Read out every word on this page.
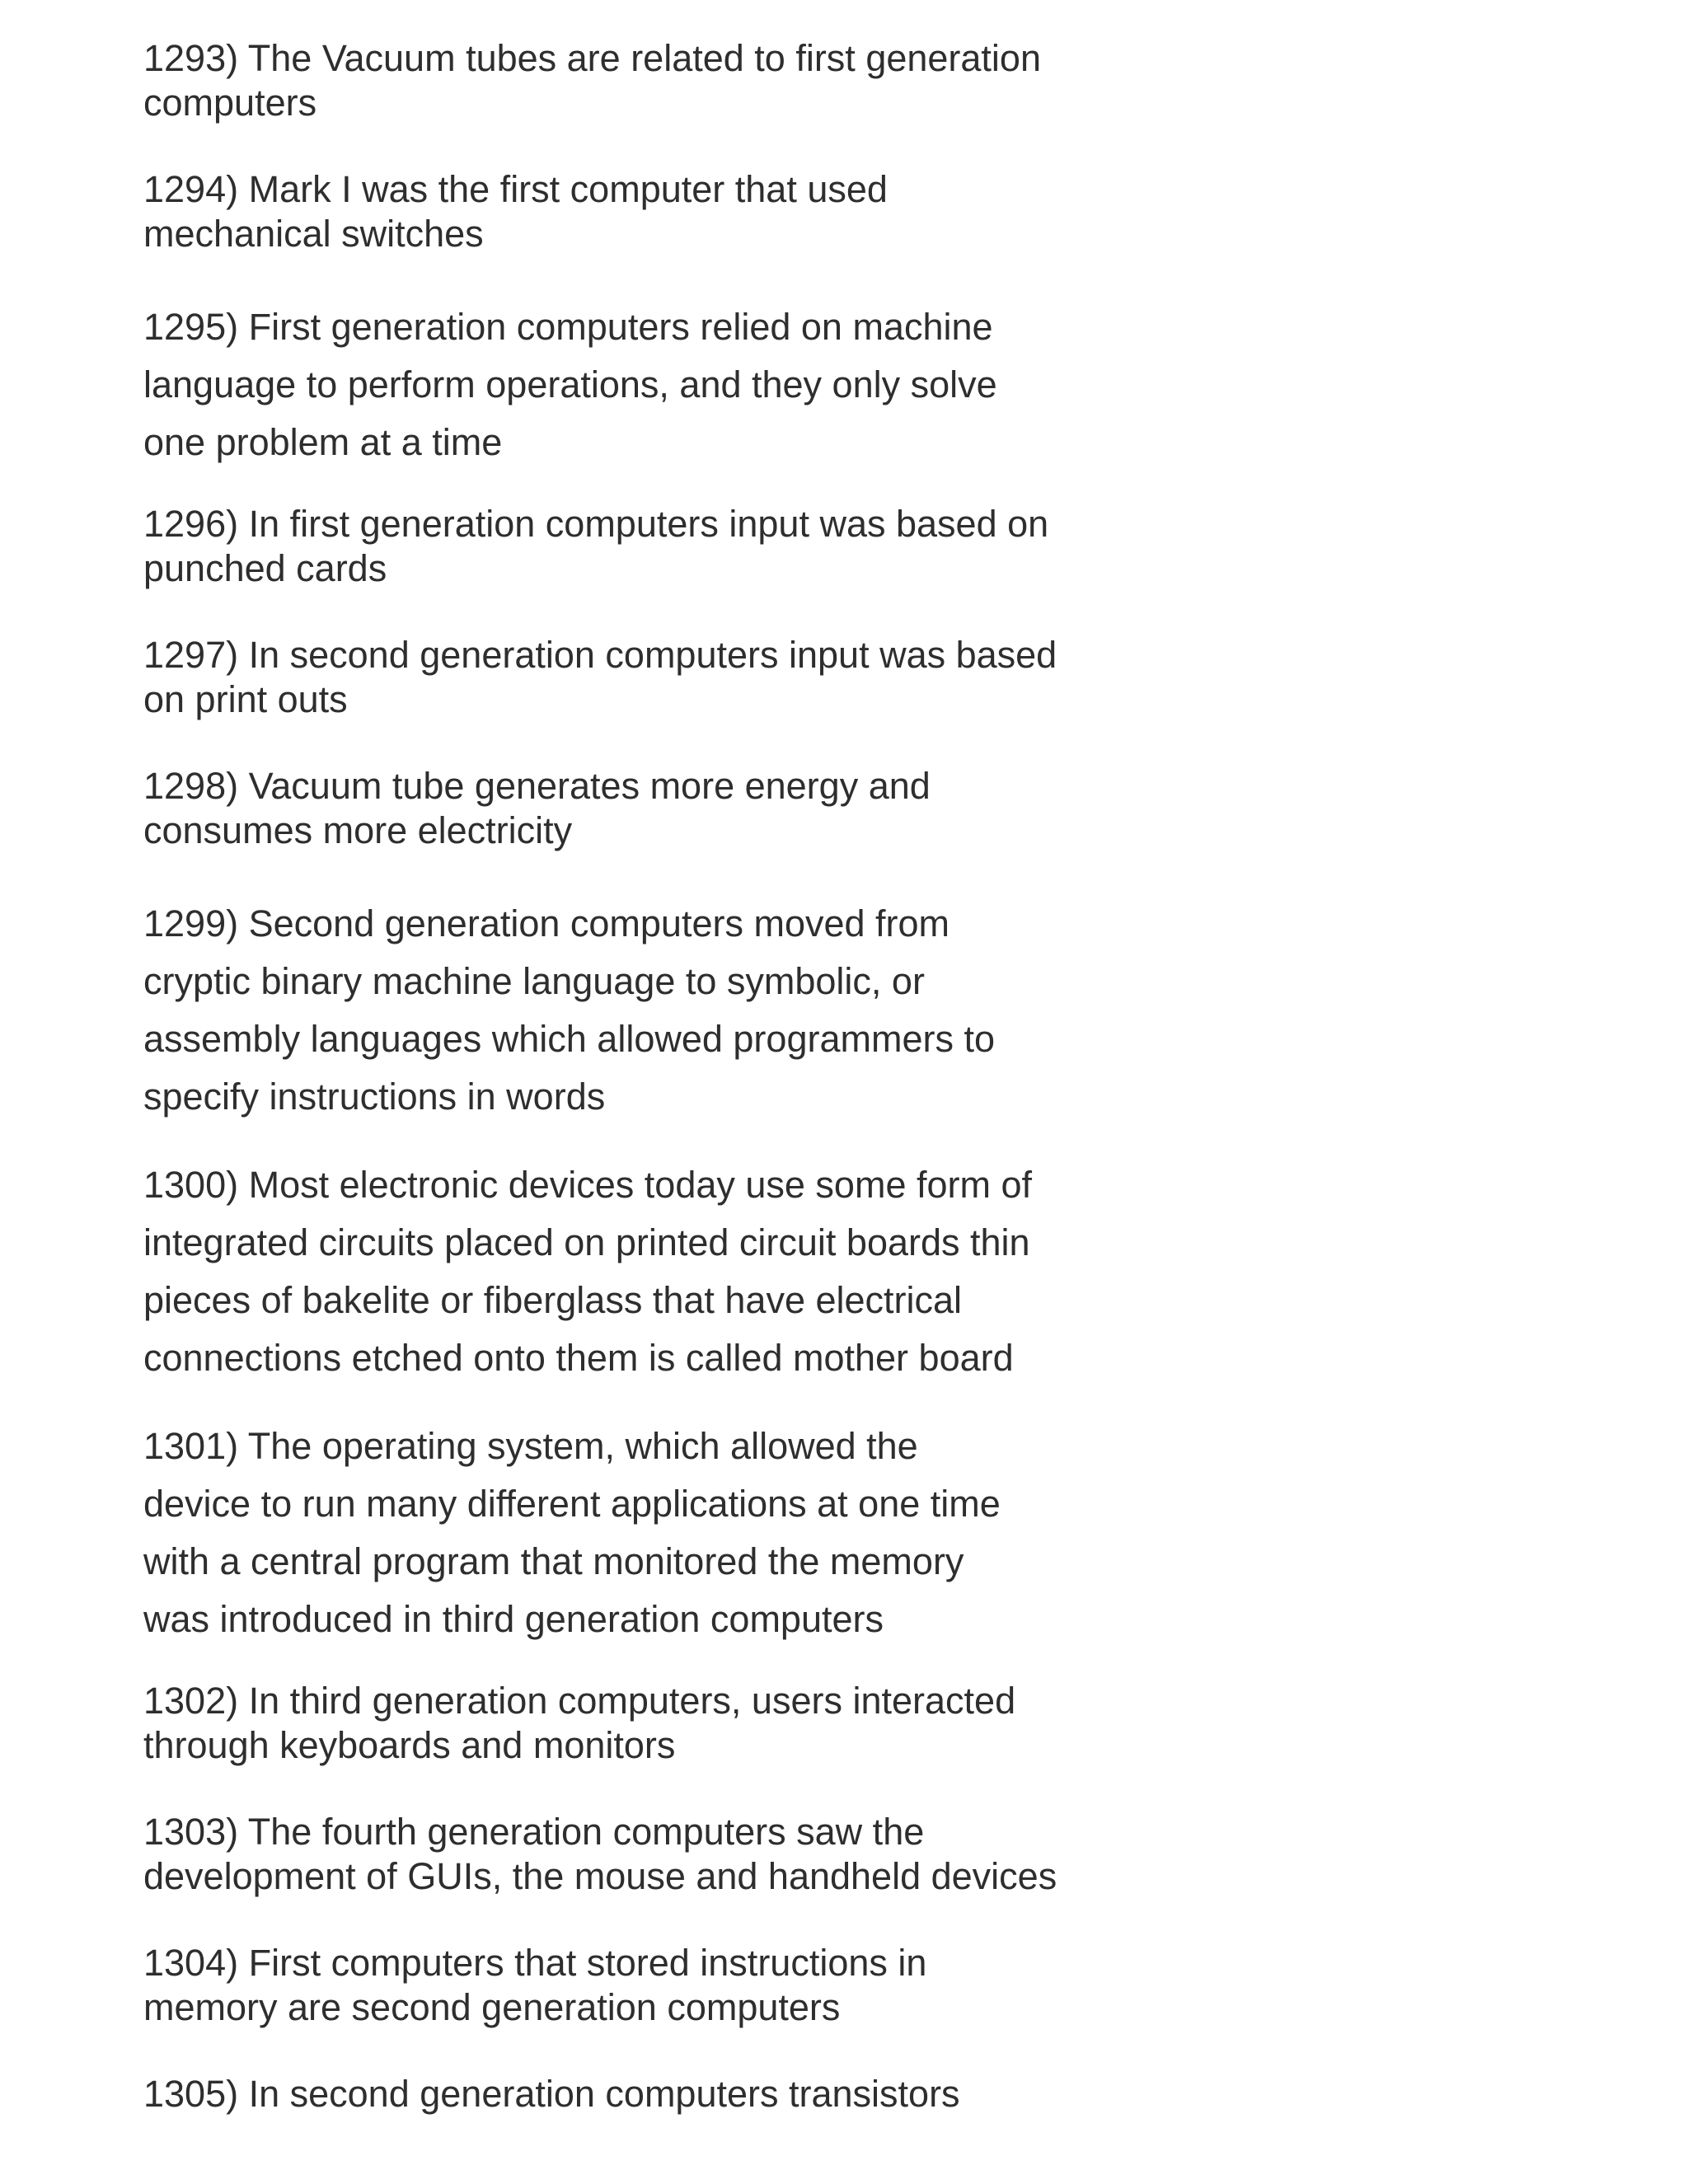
1293) The Vacuum tubes are related to first generation
computers

1294) Mark I was the first computer that used
mechanical switches

1295) First generation computers relied on machine
language to perform operations, and they only solve
one problem at a time

1296) In first generation computers input was based on
punched cards

1297) In second generation computers input was based
on print outs

1298) Vacuum tube generates more energy and
consumes more electricity

1299) Second generation computers moved from
cryptic binary machine language to symbolic, or
assembly languages which allowed programmers to
specify instructions in words

1300) Most electronic devices today use some form of
integrated circuits placed on printed circuit boards thin
pieces of bakelite or fiberglass that have electrical
connections etched onto them is called mother board

1301) The operating system, which allowed the
device to run many different applications at one time
with a central program that monitored the memory
was introduced in third generation computers

1302) In third generation computers, users interacted
through keyboards and monitors

1303) The fourth generation computers saw the
development of GUIs, the mouse and handheld devices

1304) First computers that stored instructions in
memory are second generation computers

1305) In second generation computers transistors
